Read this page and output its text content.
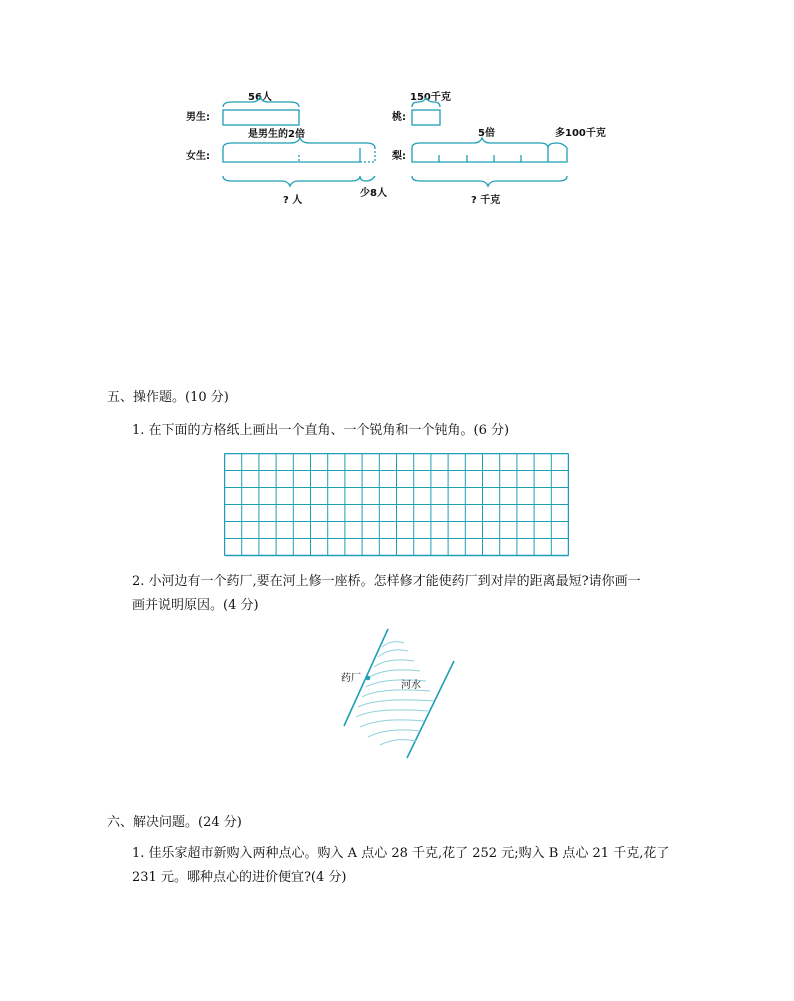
56人
男生:
是男生的2倍
女生:
少8人
? 人
150千克
桃:
5倍	多100千克
梨:
? 千克
五、操作题。(10 分)
1. 在下面的方格纸上画出一个直角、一个锐角和一个钝角。(6 分)
2. 小河边有一个药厂,要在河上修一座桥。怎样修才能使药厂到对岸的距离最短?请你画一
画并说明原因。(4 分)
药厂
河水
六、解决问题。(24 分)
1. 佳乐家超市新购入两种点心。购入 A 点心 28 千克,花了 252 元;购入 B 点心 21 千克,花了
231 元。哪种点心的进价便宜?(4 分)
